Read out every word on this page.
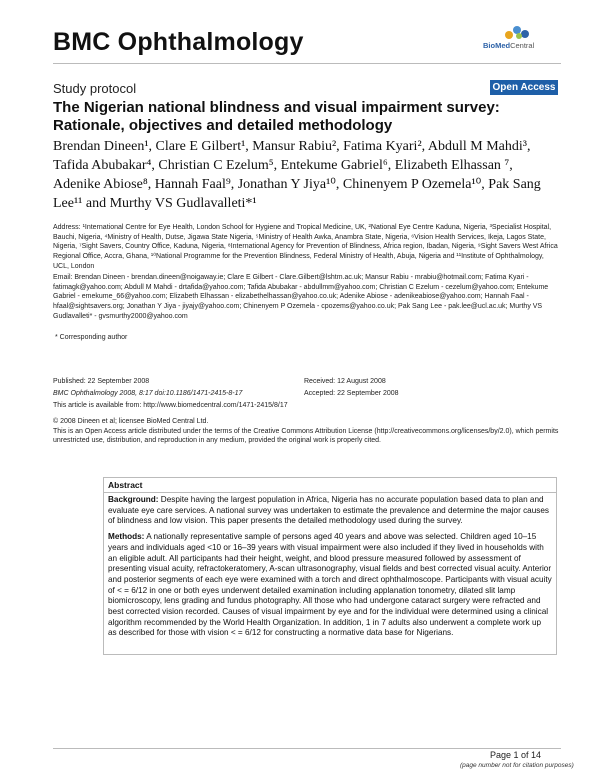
BMC Ophthalmology	BioMedCentral
Study protocol	Open Access
The Nigerian national blindness and visual impairment survey: Rationale, objectives and detailed methodology
Brendan Dineen¹, Clare E Gilbert¹, Mansur Rabiu², Fatima Kyari², Abdull M Mahdi³, Tafida Abubakar⁴, Christian C Ezelum⁵, Entekume Gabriel⁶, Elizabeth Elhassan ⁷, Adenike Abiose⁸, Hannah Faal⁹, Jonathan Y Jiya¹⁰, Chinenyem P Ozemela¹⁰, Pak Sang Lee¹¹ and Murthy VS Gudlavalleti*¹
Address: ¹International Centre for Eye Health, London School for Hygiene and Tropical Medicine, UK, ²National Eye Centre Kaduna, Nigeria, ³Specialist Hospital, Bauchi, Nigeria, ⁴Ministry of Health, Dutse, Jigawa State Nigeria, ⁵Ministry of Health Awka, Anambra State, Nigeria, ⁶Vision Health Services, Ikeja, Lagos State, Nigeria, ⁷Sight Savers, Country Office, Kaduna, Nigeria, ⁸International Agency for Prevention of Blindness, Africa region, Ibadan, Nigeria, ⁹Sight Savers West Africa Regional Office, Accra, Ghana, ¹⁰National Programme for the Prevention Blindness, Federal Ministry of Health, Abuja, Nigeria and ¹¹Institute of Ophthalmology, UCL, London
Email: Brendan Dineen - brendan.dineen@noigaway.ie; Clare E Gilbert - Clare.Gilbert@lshtm.ac.uk; Mansur Rabiu - mrabiu@hotmail.com; Fatima Kyari - fatimagk@yahoo.com; Abdull M Mahdi - drtafida@yahoo.com; Tafida Abubakar - abdullmm@yahoo.com; Christian C Ezelum - cezelum@yahoo.com; Entekume Gabriel - emekume_66@yahoo.com; Elizabeth Elhassan - elizabethelhassan@yahoo.co.uk; Adenike Abiose - adenikeabiose@yahoo.com; Hannah Faal - hfaal@sightsavers.org; Jonathan Y Jiya - jiyajy@yahoo.com; Chinenyem P Ozemela - cpozems@yahoo.co.uk; Pak Sang Lee - pak.lee@ucl.ac.uk; Murthy VS Gudlavalleti* - gvsmurthy2000@yahoo.com
* Corresponding author
Published: 22 September 2008
BMC Ophthalmology 2008, 8:17 doi:10.1186/1471-2415-8-17
This article is available from: http://www.biomedcentral.com/1471-2415/8/17
Received: 12 August 2008
Accepted: 22 September 2008
© 2008 Dineen et al; licensee BioMed Central Ltd.
This is an Open Access article distributed under the terms of the Creative Commons Attribution License (http://creativecommons.org/licenses/by/2.0), which permits unrestricted use, distribution, and reproduction in any medium, provided the original work is properly cited.
Abstract

Background: Despite having the largest population in Africa, Nigeria has no accurate population based data to plan and evaluate eye care services. A national survey was undertaken to estimate the prevalence and determine the major causes of blindness and low vision. This paper presents the detailed methodology used during the survey.

Methods: A nationally representative sample of persons aged 40 years and above was selected. Children aged 10–15 years and individuals aged <10 or 16–39 years with visual impairment were also included if they lived in households with an eligible adult. All participants had their height, weight, and blood pressure measured followed by assessment of presenting visual acuity, refractokeratomery, A-scan ultrasonography, visual fields and best corrected visual acuity. Anterior and posterior segments of each eye were examined with a torch and direct ophthalmoscope. Participants with visual acuity of < = 6/12 in one or both eyes underwent detailed examination including applanation tonometry, dilated slit lamp biomicroscopy, lens grading and fundus photography. All those who had undergone cataract surgery were refracted and best corrected vision recorded. Causes of visual impairment by eye and for the individual were determined using a clinical algorithm recommended by the World Health Organization. In addition, 1 in 7 adults also underwent a complete work up as described for those with vision < = 6/12 for constructing a normative data base for Nigerians.

Page 1 of 14
(page number not for citation purposes)
